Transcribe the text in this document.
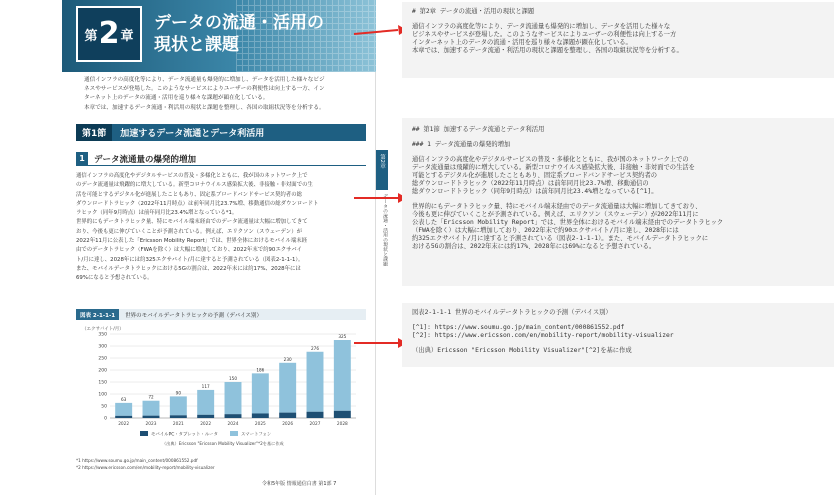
第 2 章
データの流通・活用の
現状と課題
通信インフラの高度化等により、データ流通量も爆発的に増加し、データを活用した様々なビジ
ネスやサービスが登場した。このようなサービスによりユーザーの利便性は向上する一方、イン
ターネット上のデータの流通・活用を巡り様々な課題が顕在化している。
本章では、加速するデータ流通・利活用の現状と課題を整理し、各国の取組状況等を分析する。
第1節	加速するデータ流通とデータ利活用
1	データ流通量の爆発的増加
通信インフラの高度化やデジタルサービスの普及・多様化とともに、我が国のネットワーク上で
のデータ流通量は飛躍的に増大している。新型コロナウイルス感染拡大後、非接触・非対面での生
活を可能とするデジタル化が進展したこともあり、固定系ブロードバンドサービス契約者の総
ダウンロードトラヒック（2022年11月時点）は前年同月比23.7%増、移動通信の総ダウンロードト
ラヒック（同年9月時点）は前年同月比23.4%増となっている*1。
世界的にもデータトラヒック量、特にモバイル端末経由でのデータ流通量は大幅に増加してきて
おり、今後も更に伸びていくことが予測されている。例えば、エリクソン（スウェーデン）が
2022年11月に公表した「Ericsson Mobility Report」では、世界全体におけるモバイル端末経
由でのデータトラヒック（FWAを除く）は大幅に増加しており、2022年末で約90エクサバイ
ト/月に達し、2028年には約325エクサバイト/月に達すると予測されている（図表2-1-1-1）。
また、モバイルデータトラヒックにおける5Gの割合は、2022年末には約17%、2028年には
69%になると予想されている。
図表 2-1-1-1	世界のモバイルデータトラヒックの予測（デバイス別）
（エクサバイト/月）
0
50
100
150
200
250
300
350
63
2022
72
2023
90
2021
117
2022
150
2024
186
2025
230
2026
276
2027
325
2028
モバイルPC・タブレット・ルータ	スマートフォン
（出典）Ericsson "Ericsson Mobility Visualizer"*2を基に作成
*1 https://www.soumu.go.jp/main_content/000861552.pdf
*2 https://www.ericsson.com/en/mobility-report/mobility-visualizer
令和5年版 情報通信白書 第1部 7
第2章
データの流通・活用の現状と課題
# 第2章 データの流通・活用の現状と課題
通信インフラの高度化等により、データ流通量も爆発的に増加し、データを活用した様々な
ビジネスやサービスが登場した。このようなサービスによりユーザーの利便性は向上する一方
インターネット上のデータの流通・活用を巡り様々な課題が顕在化している。
本章では、加速するデータ流通・利活用の現状と課題を整理し、各国の取組状況等を分析する。
## 第1節 加速するデータ流通とデータ利活用
### 1 データ流通量の爆発的増加
通信インフラの高度化やデジタルサービスの普及・多様化とともに、我が国のネットワーク上での
データ流通量は飛躍的に増大している。新型コロナウイルス感染拡大後、非接触・非対面での生活を
可能とするデジタル化が進展したこともあり、固定系ブロードバンドサービス契約者の
総ダウンロードトラヒック（2022年11月時点）は前年同月比23.7%増、移動通信の
総ダウンロードトラヒック（同年9月時点）は前年同月比23.4%増となっている[^1]。
世界的にもデータトラヒック量、特にモバイル端末経由でのデータ流通量は大幅に増加してきており、
今後も更に伸びていくことが予測されている。例えば、エリクソン（スウェーデン）が2022年11月に
公表した「Ericsson Mobility Report」では、世界全体におけるモバイル端末経由でのデータトラヒック
（FWAを除く）は大幅に増加しており、2022年末で約90エクサバイト/月に達し、2028年には
約325エクサバイト/月に達すると予測されている（図表2-1-1-1）。また、モバイルデータトラヒックに
おける5Gの割合は、2022年末には約17%、2028年には69%になると予想されている。
図表2-1-1-1 世界のモバイルデータトラヒックの予測（デバイス別）
[^1]: https://www.soumu.go.jp/main_content/000861552.pdf
[^2]: https://www.ericsson.com/en/mobility-report/mobility-visualizer
（出典）Ericsson "Ericsson Mobility Visualizer"[^2]を基に作成
